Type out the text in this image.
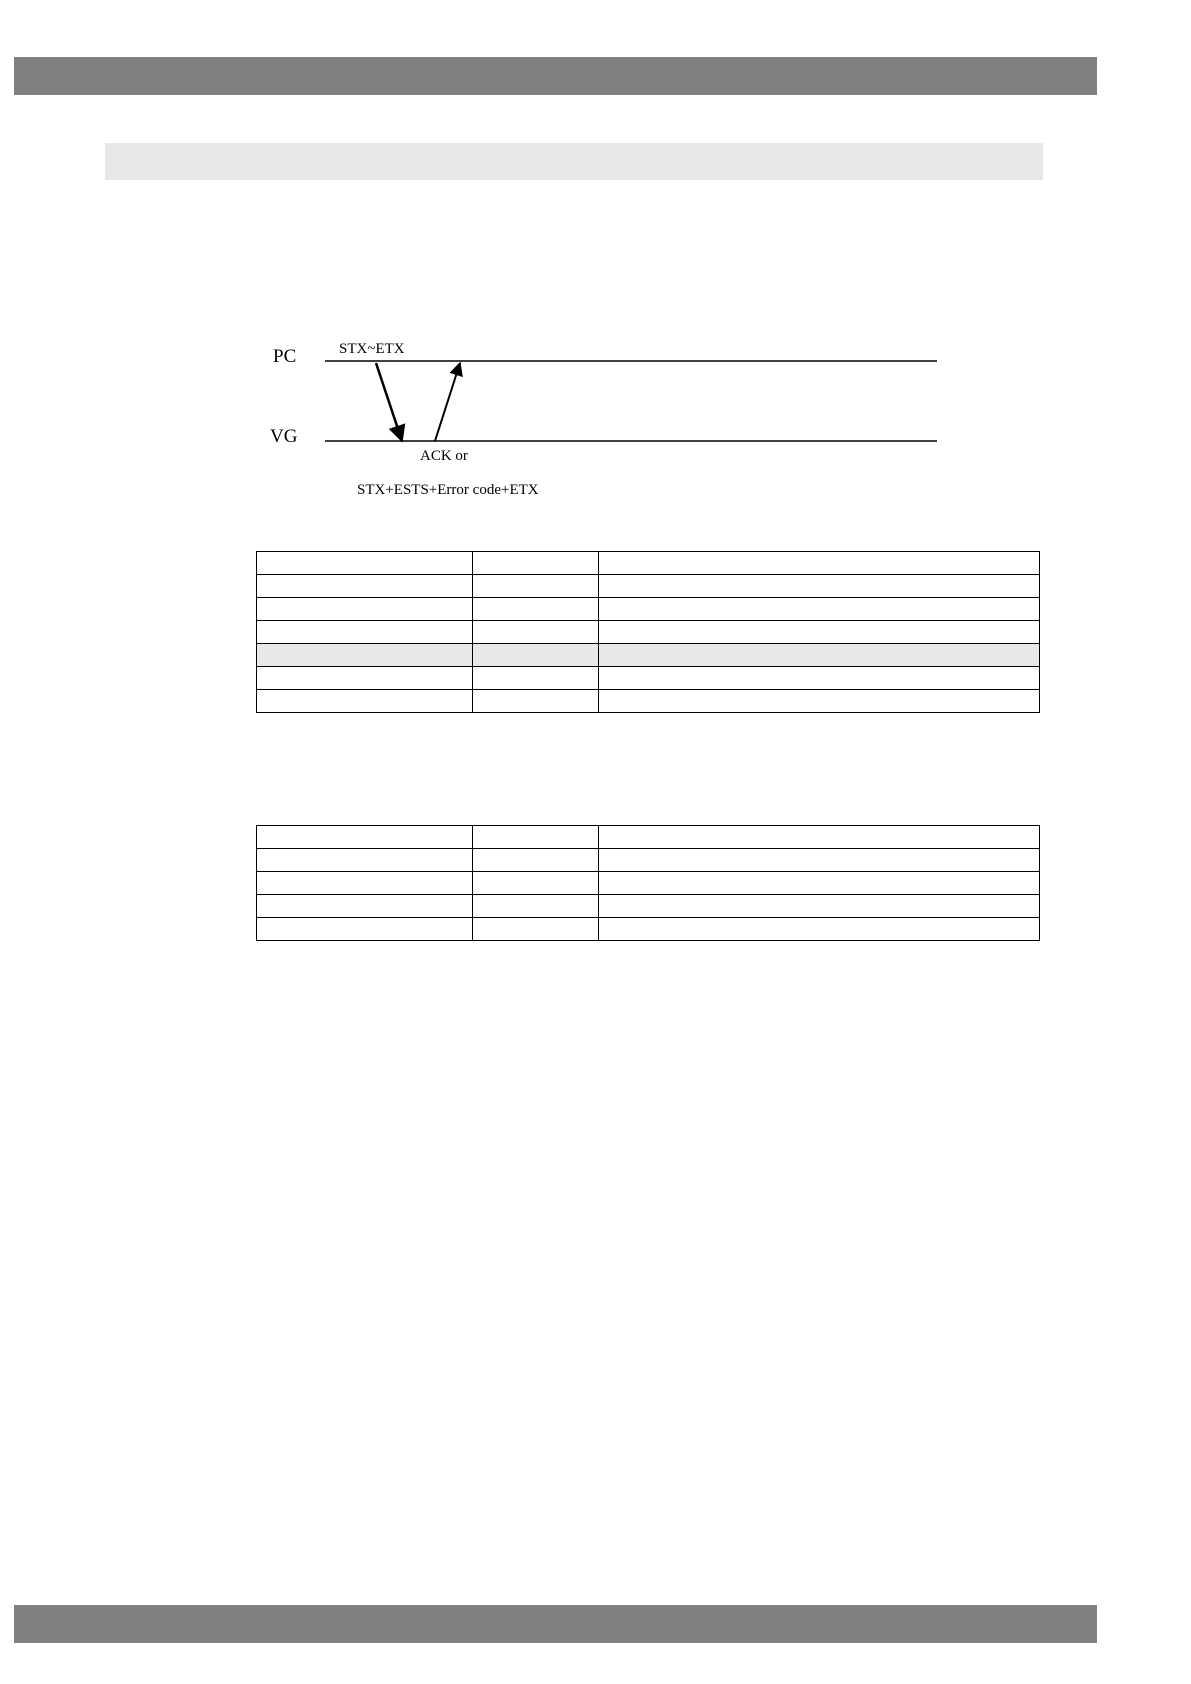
PC
VG
STX~ETX
ACK or
STX+ESTS+Error code+ETX
